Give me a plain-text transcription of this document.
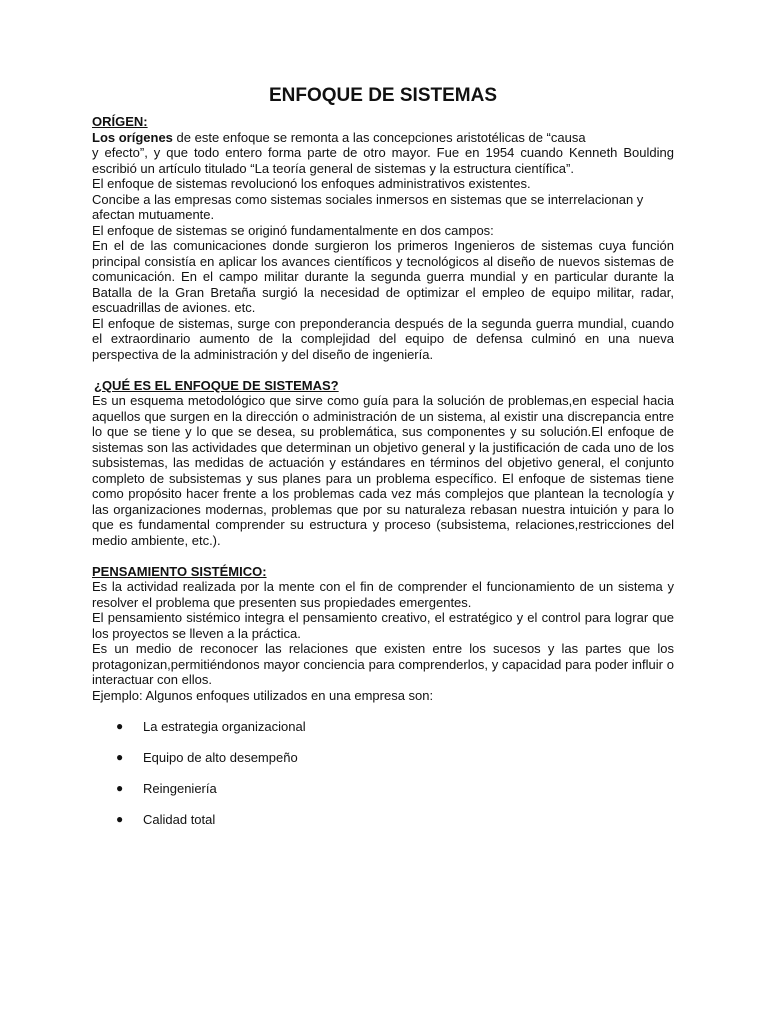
ENFOQUE DE SISTEMAS
ORÍGEN:

Los orígenes de este enfoque se remonta a las concepciones aristotélicas de “causa

y efecto”, y que todo entero forma parte de otro mayor. Fue en 1954 cuando Kenneth Boulding escribió un artículo titulado “La teoría general de sistemas y la estructura científica”.

El enfoque de sistemas revolucionó los enfoques administrativos existentes.

Concibe a las empresas como sistemas sociales inmersos en sistemas que se interrelacionan y afectan mutuamente.

El enfoque de sistemas se originó fundamentalmente en dos campos:

En el de las comunicaciones donde surgieron los primeros Ingenieros de sistemas cuya función principal consistía en aplicar los avances científicos y tecnológicos al diseño de nuevos sistemas de comunicación. En el campo militar durante la segunda guerra mundial y en particular durante la Batalla de la Gran Bretaña surgió la necesidad de optimizar el empleo de equipo militar, radar, escuadrillas de aviones. etc.

El enfoque de sistemas, surge con preponderancia después de la segunda guerra mundial, cuando el extraordinario aumento de la complejidad del equipo de defensa culminó en una nueva perspectiva de la administración y del diseño de ingeniería.

¿QUÉ ES EL ENFOQUE DE SISTEMAS?

Es un esquema metodológico que sirve como guía para la solución de problemas,en especial hacia aquellos que surgen en la dirección o administración de un sistema, al existir una discrepancia entre lo que se tiene y lo que se desea, su problemática, sus componentes y su solución.El enfoque de sistemas son las actividades que determinan un objetivo general y la justificación de cada uno de los subsistemas, las medidas de actuación y estándares en términos del objetivo general, el conjunto completo de subsistemas y sus planes para un problema específico. El enfoque de sistemas tiene como propósito hacer frente a los problemas cada vez más complejos que plantean la tecnología y las organizaciones modernas, problemas que por su naturaleza rebasan nuestra intuición y para lo que es fundamental comprender su estructura y proceso (subsistema, relaciones,restricciones del medio ambiente, etc.).

PENSAMIENTO SISTÉMICO:

Es la actividad realizada por la mente con el fin de comprender el funcionamiento de un sistema y resolver el problema que presenten sus propiedades emergentes.

El pensamiento sistémico integra el pensamiento creativo, el estratégico y el control para lograr que los proyectos se lleven a la práctica.

Es un medio de reconocer las relaciones que existen entre los sucesos y las partes que los protagonizan,permitiéndonos mayor conciencia para comprenderlos, y capacidad para poder influir o interactuar con ellos.

Ejemplo: Algunos enfoques utilizados en una empresa son:

● La estrategia organizacional
● Equipo de alto desempeño
● Reingeniería
● Calidad total
